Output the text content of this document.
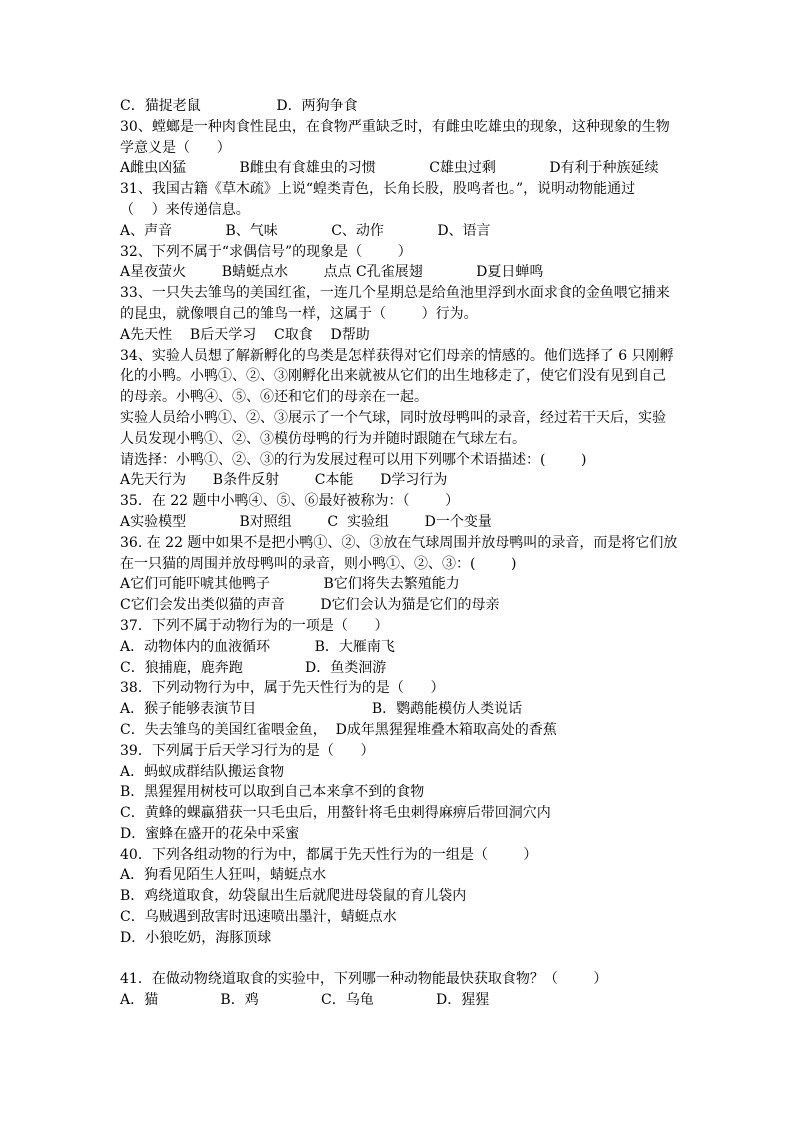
C．猫捉老鼠                 D．两狗争食
30、螳螂是一种肉食性昆虫，在食物严重缺乏时，有雌虫吃雄虫的现象，这种现象的生物
学意义是（      ）
A雌虫凶猛            B雌虫有食雄虫的习惯            C雄虫过剩            D有利于种族延续
31、我国古籍《草木疏》上说“蝗类青色，长角长股，股鸣者也。”，说明动物能通过
（    ）来传递信息。
A、声音            B、气味            C、动作            D、语言
32、下列不属于“求偶信号”的现象是（        ）
A星夜萤火        B蜻蜓点水        点点 C孔雀展翅            D夏日蝉鸣
33、一只失去雏鸟的美国红雀，一连几个星期总是给鱼池里浮到水面求食的金鱼喂它捕来
的昆虫，就像喂自己的雏鸟一样，这属于（        ）行为。
A先天性    B后天学习    C取食    D帮助
34、实验人员想了解新孵化的鸟类是怎样获得对它们母亲的情感的。他们选择了 6 只刚孵
化的小鸭。小鸭①、②、③刚孵化出来就被从它们的出生地移走了，使它们没有见到自己
的母亲。小鸭④、⑤、⑥还和它们的母亲在一起。
实验人员给小鸭①、②、③展示了一个气球，同时放母鸭叫的录音，经过若干天后，实验
人员发现小鸭①、②、③模仿母鸭的行为并随时跟随在气球左右。
请选择：小鸭①、②、③的行为发展过程可以用下列哪个术语描述：(        )
A先天行为      B条件反射        C本能      D学习行为
35．在 22 题中小鸭④、⑤、⑥最好被称为：（        ）
A实验模型            B对照组        C  实验组        D一个变量
36. 在 22 题中如果不是把小鸭①、②、③放在气球周围并放母鸭叫的录音，而是将它们放
在一只猫的周围并放母鸭叫的录音，则小鸭①、②、③：(        )
A它们可能吓唬其他鸭子            B它们将失去繁殖能力
C它们会发出类似猫的声音        D它们会认为猫是它们的母亲
37．下列不属于动物行为的一项是（      ）
A．动物体内的血液循环          B．大雁南飞
C．狼捕鹿，鹿奔跑              D．鱼类洄游
38．下列动物行为中，属于先天性行为的是（      ）
A．猴子能够表演节目                          B．鹦鹉能模仿人类说话
C．失去雏鸟的美国红雀喂金鱼，  D成年黑猩猩堆叠木箱取高处的香蕉
39．下列属于后天学习行为的是（      ）
A．蚂蚁成群结队搬运食物
B．黑猩猩用树枝可以取到自己本来拿不到的食物
C．黄蜂的蜾蠃猎获一只毛虫后，用螯针将毛虫刺得麻痹后带回洞穴内
D．蜜蜂在盛开的花朵中采蜜
40．下列各组动物的行为中，都属于先天性行为的一组是（        ）
A．狗看见陌生人狂叫，蜻蜓点水
B．鸡绕道取食，幼袋鼠出生后就爬进母袋鼠的育儿袋内
C．乌贼遇到敌害时迅速喷出墨汁，蜻蜓点水
D．小狼吃奶，海豚顶球
41．在做动物绕道取食的实验中，下列哪一种动物能最快获取食物？（        ）
A．猫              B．鸡              C．乌龟              D．猩猩
